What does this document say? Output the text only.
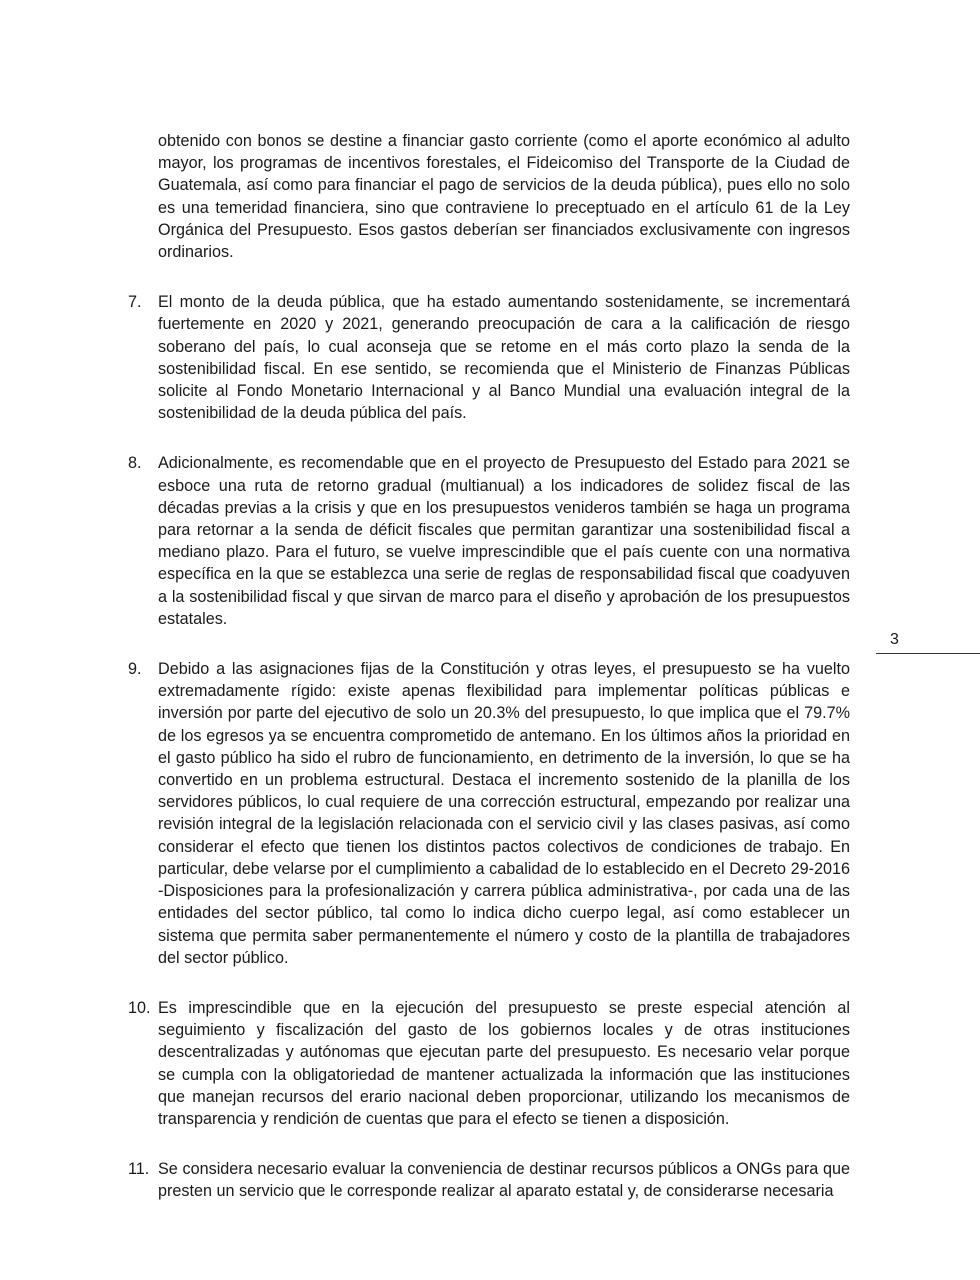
obtenido con bonos se destine a financiar gasto corriente (como el aporte económico al adulto mayor, los programas de incentivos forestales, el Fideicomiso del Transporte de la Ciudad de Guatemala, así como para financiar el pago de servicios de la deuda pública), pues ello no solo es una temeridad financiera, sino que contraviene lo preceptuado en el artículo 61 de la Ley Orgánica del Presupuesto. Esos gastos deberían ser financiados exclusivamente con ingresos ordinarios.
7.	El monto de la deuda pública, que ha estado aumentando sostenidamente, se incrementará fuertemente en 2020 y 2021, generando preocupación de cara a la calificación de riesgo soberano del país, lo cual aconseja que se retome en el más corto plazo la senda de la sostenibilidad fiscal. En ese sentido, se recomienda que el Ministerio de Finanzas Públicas solicite al Fondo Monetario Internacional y al Banco Mundial una evaluación integral de la sostenibilidad de la deuda pública del país.
8.	Adicionalmente, es recomendable que en el proyecto de Presupuesto del Estado para 2021 se esboce una ruta de retorno gradual (multianual) a los indicadores de solidez fiscal de las décadas previas a la crisis y que en los presupuestos venideros también se haga un programa para retornar a la senda de déficit fiscales que permitan garantizar una sostenibilidad fiscal a mediano plazo. Para el futuro, se vuelve imprescindible que el país cuente con una normativa específica en la que se establezca una serie de reglas de responsabilidad fiscal que coadyuven a la sostenibilidad fiscal y que sirvan de marco para el diseño y aprobación de los presupuestos estatales.
9.	Debido a las asignaciones fijas de la Constitución y otras leyes, el presupuesto se ha vuelto extremadamente rígido: existe apenas flexibilidad para implementar políticas públicas e inversión por parte del ejecutivo de solo un 20.3% del presupuesto, lo que implica que el 79.7% de los egresos ya se encuentra comprometido de antemano. En los últimos años la prioridad en el gasto público ha sido el rubro de funcionamiento, en detrimento de la inversión, lo que se ha convertido en un problema estructural. Destaca el incremento sostenido de la planilla de los servidores públicos, lo cual requiere de una corrección estructural, empezando por realizar una revisión integral de la legislación relacionada con el servicio civil y las clases pasivas, así como considerar el efecto que tienen los distintos pactos colectivos de condiciones de trabajo. En particular, debe velarse por el cumplimiento a cabalidad de lo establecido en el Decreto 29-2016 -Disposiciones para la profesionalización y carrera pública administrativa-, por cada una de las entidades del sector público, tal como lo indica dicho cuerpo legal, así como establecer un sistema que permita saber permanentemente el número y costo de la plantilla de trabajadores del sector público.
10. Es imprescindible que en la ejecución del presupuesto se preste especial atención al seguimiento y fiscalización del gasto de los gobiernos locales y de otras instituciones descentralizadas y autónomas que ejecutan parte del presupuesto. Es necesario velar porque se cumpla con la obligatoriedad de mantener actualizada la información que las instituciones que manejan recursos del erario nacional deben proporcionar, utilizando los mecanismos de transparencia y rendición de cuentas que para el efecto se tienen a disposición.
11. Se considera necesario evaluar la conveniencia de destinar recursos públicos a ONGs para que presten un servicio que le corresponde realizar al aparato estatal y, de considerarse necesaria
3
